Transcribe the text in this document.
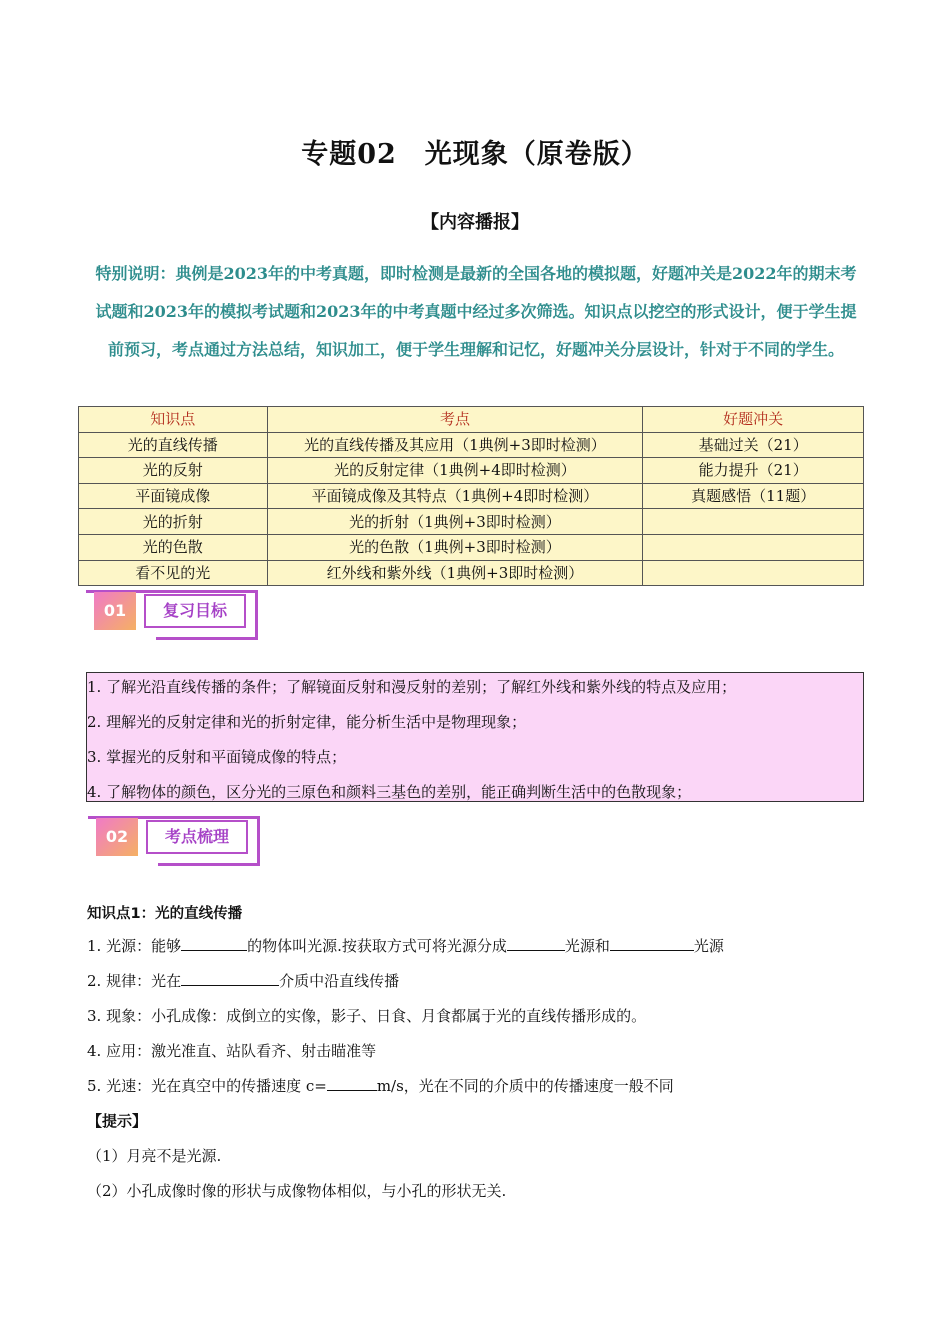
专题02　光现象（原卷版）
【内容播报】
特别说明：典例是2023年的中考真题，即时检测是最新的全国各地的模拟题，好题冲关是2022年的期末考试题和2023年的模拟考试题和2023年的中考真题中经过多次筛选。知识点以挖空的形式设计，便于学生提前预习，考点通过方法总结，知识加工，便于学生理解和记忆，好题冲关分层设计，针对于不同的学生。
知识点	考点	好题冲关
光的直线传播	光的直线传播及其应用（1典例+3即时检测）	基础过关（21）
光的反射	光的反射定律（1典例+4即时检测）	能力提升（21）
平面镜成像	平面镜成像及其特点（1典例+4即时检测）	真题感悟（11题）
光的折射	光的折射（1典例+3即时检测）	
光的色散	光的色散（1典例+3即时检测）	
看不见的光	红外线和紫外线（1典例+3即时检测）	
01	复习目标

1. 了解光沿直线传播的条件；了解镜面反射和漫反射的差别；了解红外线和紫外线的特点及应用；

2. 理解光的反射定律和光的折射定律，能分析生活中是物理现象；

3. 掌握光的反射和平面镜成像的特点；

4. 了解物体的颜色，区分光的三原色和颜料三基色的差别，能正确判断生活中的色散现象；

02	考点梳理
知识点1：光的直线传播
1. 光源：能够	的物体叫光源.按获取方式可将光源分成	光源和	光源
2. 规律：光在	介质中沿直线传播
3. 现象：小孔成像：成倒立的实像，影子、日食、月食都属于光的直线传播形成的。
4. 应用：激光准直、站队看齐、射击瞄准等
5. 光速：光在真空中的传播速度 c=	m/s，光在不同的介质中的传播速度一般不同
【提示】
（1）月亮不是光源.
（2）小孔成像时像的形状与成像物体相似，与小孔的形状无关.
